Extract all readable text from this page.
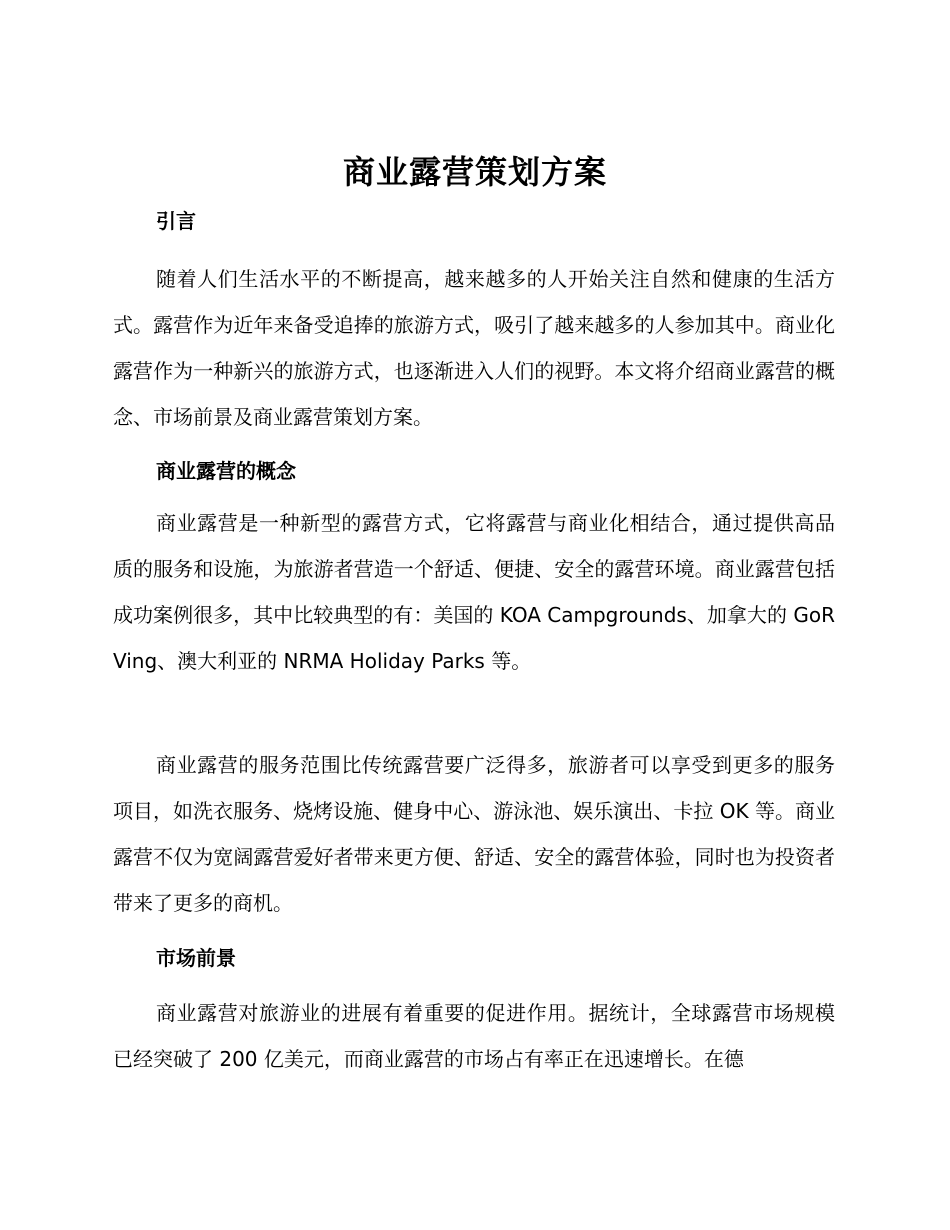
商业露营策划方案
引言

随着人们生活水平的不断提高，越来越多的人开始关注自然和健康的生活方式。露营作为近年来备受追捧的旅游方式，吸引了越来越多的人参加其中。商业化露营作为一种新兴的旅游方式，也逐渐进入人们的视野。本文将介绍商业露营的概念、市场前景及商业露营策划方案。

商业露营的概念

商业露营是一种新型的露营方式，它将露营与商业化相结合，通过提供高品质的服务和设施，为旅游者营造一个舒适、便捷、安全的露营环境。商业露营包括成功案例很多，其中比较典型的有：美国的 KOA Campgrounds、加拿大的 GoRVing、澳大利亚的 NRMA Holiday Parks 等。

商业露营的服务范围比传统露营要广泛得多，旅游者可以享受到更多的服务项目，如洗衣服务、烧烤设施、健身中心、游泳池、娱乐演出、卡拉 OK 等。商业露营不仅为宽阔露营爱好者带来更方便、舒适、安全的露营体验，同时也为投资者带来了更多的商机。

市场前景

商业露营对旅游业的进展有着重要的促进作用。据统计，全球露营市场规模已经突破了 200 亿美元，而商业露营的市场占有率正在迅速增长。在德
